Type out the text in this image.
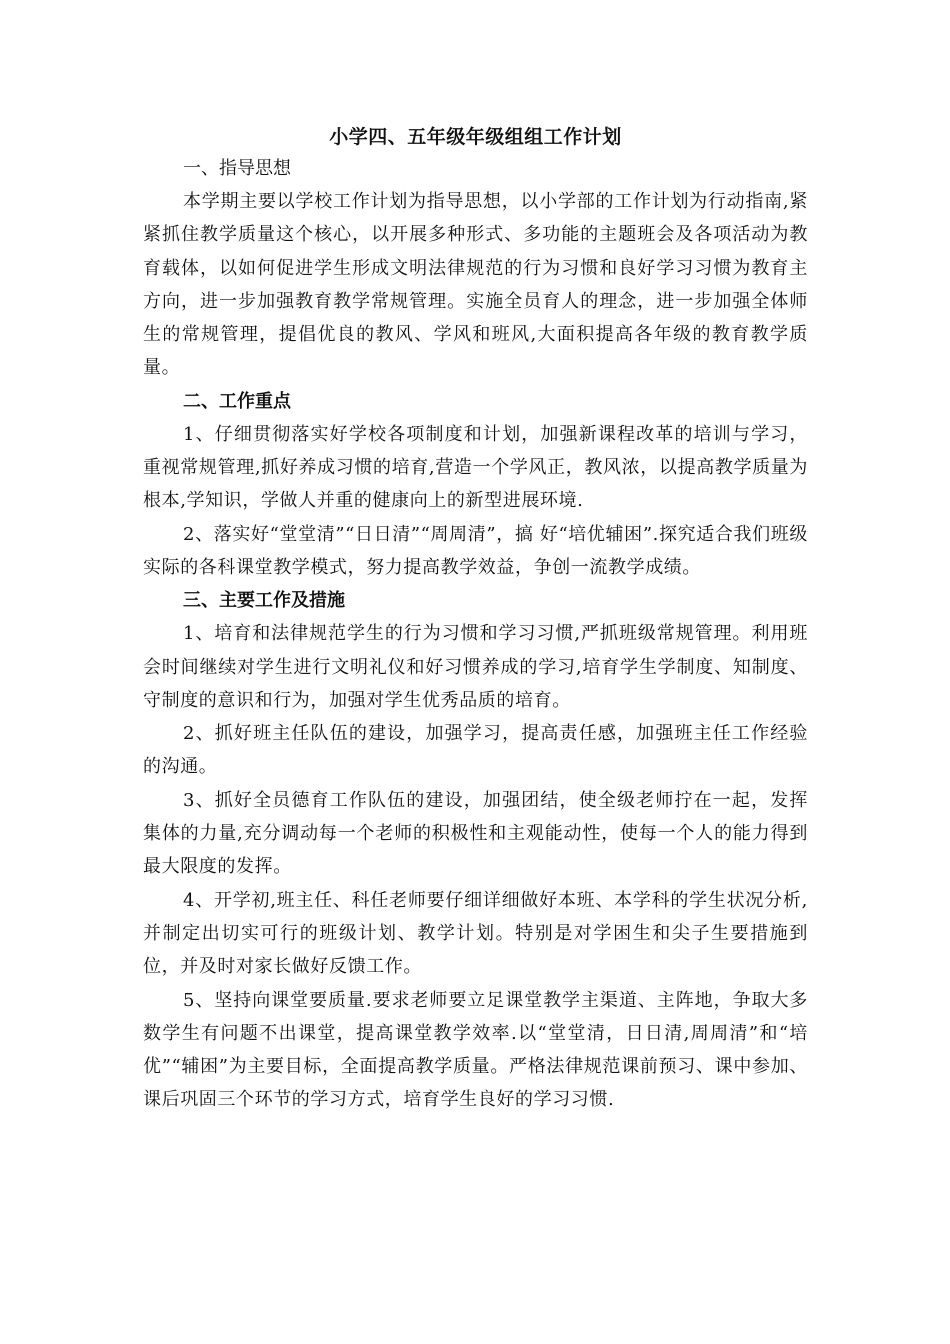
小学四、五年级年级组组工作计划

一、指导思想

本学期主要以学校工作计划为指导思想，以小学部的工作计划为行动指南,紧紧抓住教学质量这个核心，以开展多种形式、多功能的主题班会及各项活动为教育载体，以如何促进学生形成文明法律规范的行为习惯和良好学习习惯为教育主方向，进一步加强教育教学常规管理。实施全员育人的理念，进一步加强全体师生的常规管理，提倡优良的教风、学风和班风,大面积提高各年级的教育教学质量。

二、工作重点

1、仔细贯彻落实好学校各项制度和计划，加强新课程改革的培训与学习，重视常规管理,抓好养成习惯的培育,营造一个学风正，教风浓，以提高教学质量为根本,学知识，学做人并重的健康向上的新型进展环境.

2、落实好“堂堂清”“日日清”“周周清”，搞 好“培优辅困”.探究适合我们班级实际的各科课堂教学模式，努力提高教学效益，争创一流教学成绩。

三、主要工作及措施

1、培育和法律规范学生的行为习惯和学习习惯,严抓班级常规管理。利用班会时间继续对学生进行文明礼仪和好习惯养成的学习,培育学生学制度、知制度、守制度的意识和行为，加强对学生优秀品质的培育。

2、抓好班主任队伍的建设，加强学习，提高责任感，加强班主任工作经验的沟通。

3、抓好全员德育工作队伍的建设，加强团结，使全级老师拧在一起，发挥集体的力量,充分调动每一个老师的积极性和主观能动性，使每一个人的能力得到最大限度的发挥。

4、开学初,班主任、科任老师要仔细详细做好本班、本学科的学生状况分析,并制定出切实可行的班级计划、教学计划。特别是对学困生和尖子生要措施到位，并及时对家长做好反馈工作。

5、坚持向课堂要质量.要求老师要立足课堂教学主渠道、主阵地，争取大多数学生有问题不出课堂，提高课堂教学效率.以“堂堂清，日日清,周周清”和“培优”“辅困”为主要目标，全面提高教学质量。严格法律规范课前预习、课中参加、课后巩固三个环节的学习方式，培育学生良好的学习习惯.
